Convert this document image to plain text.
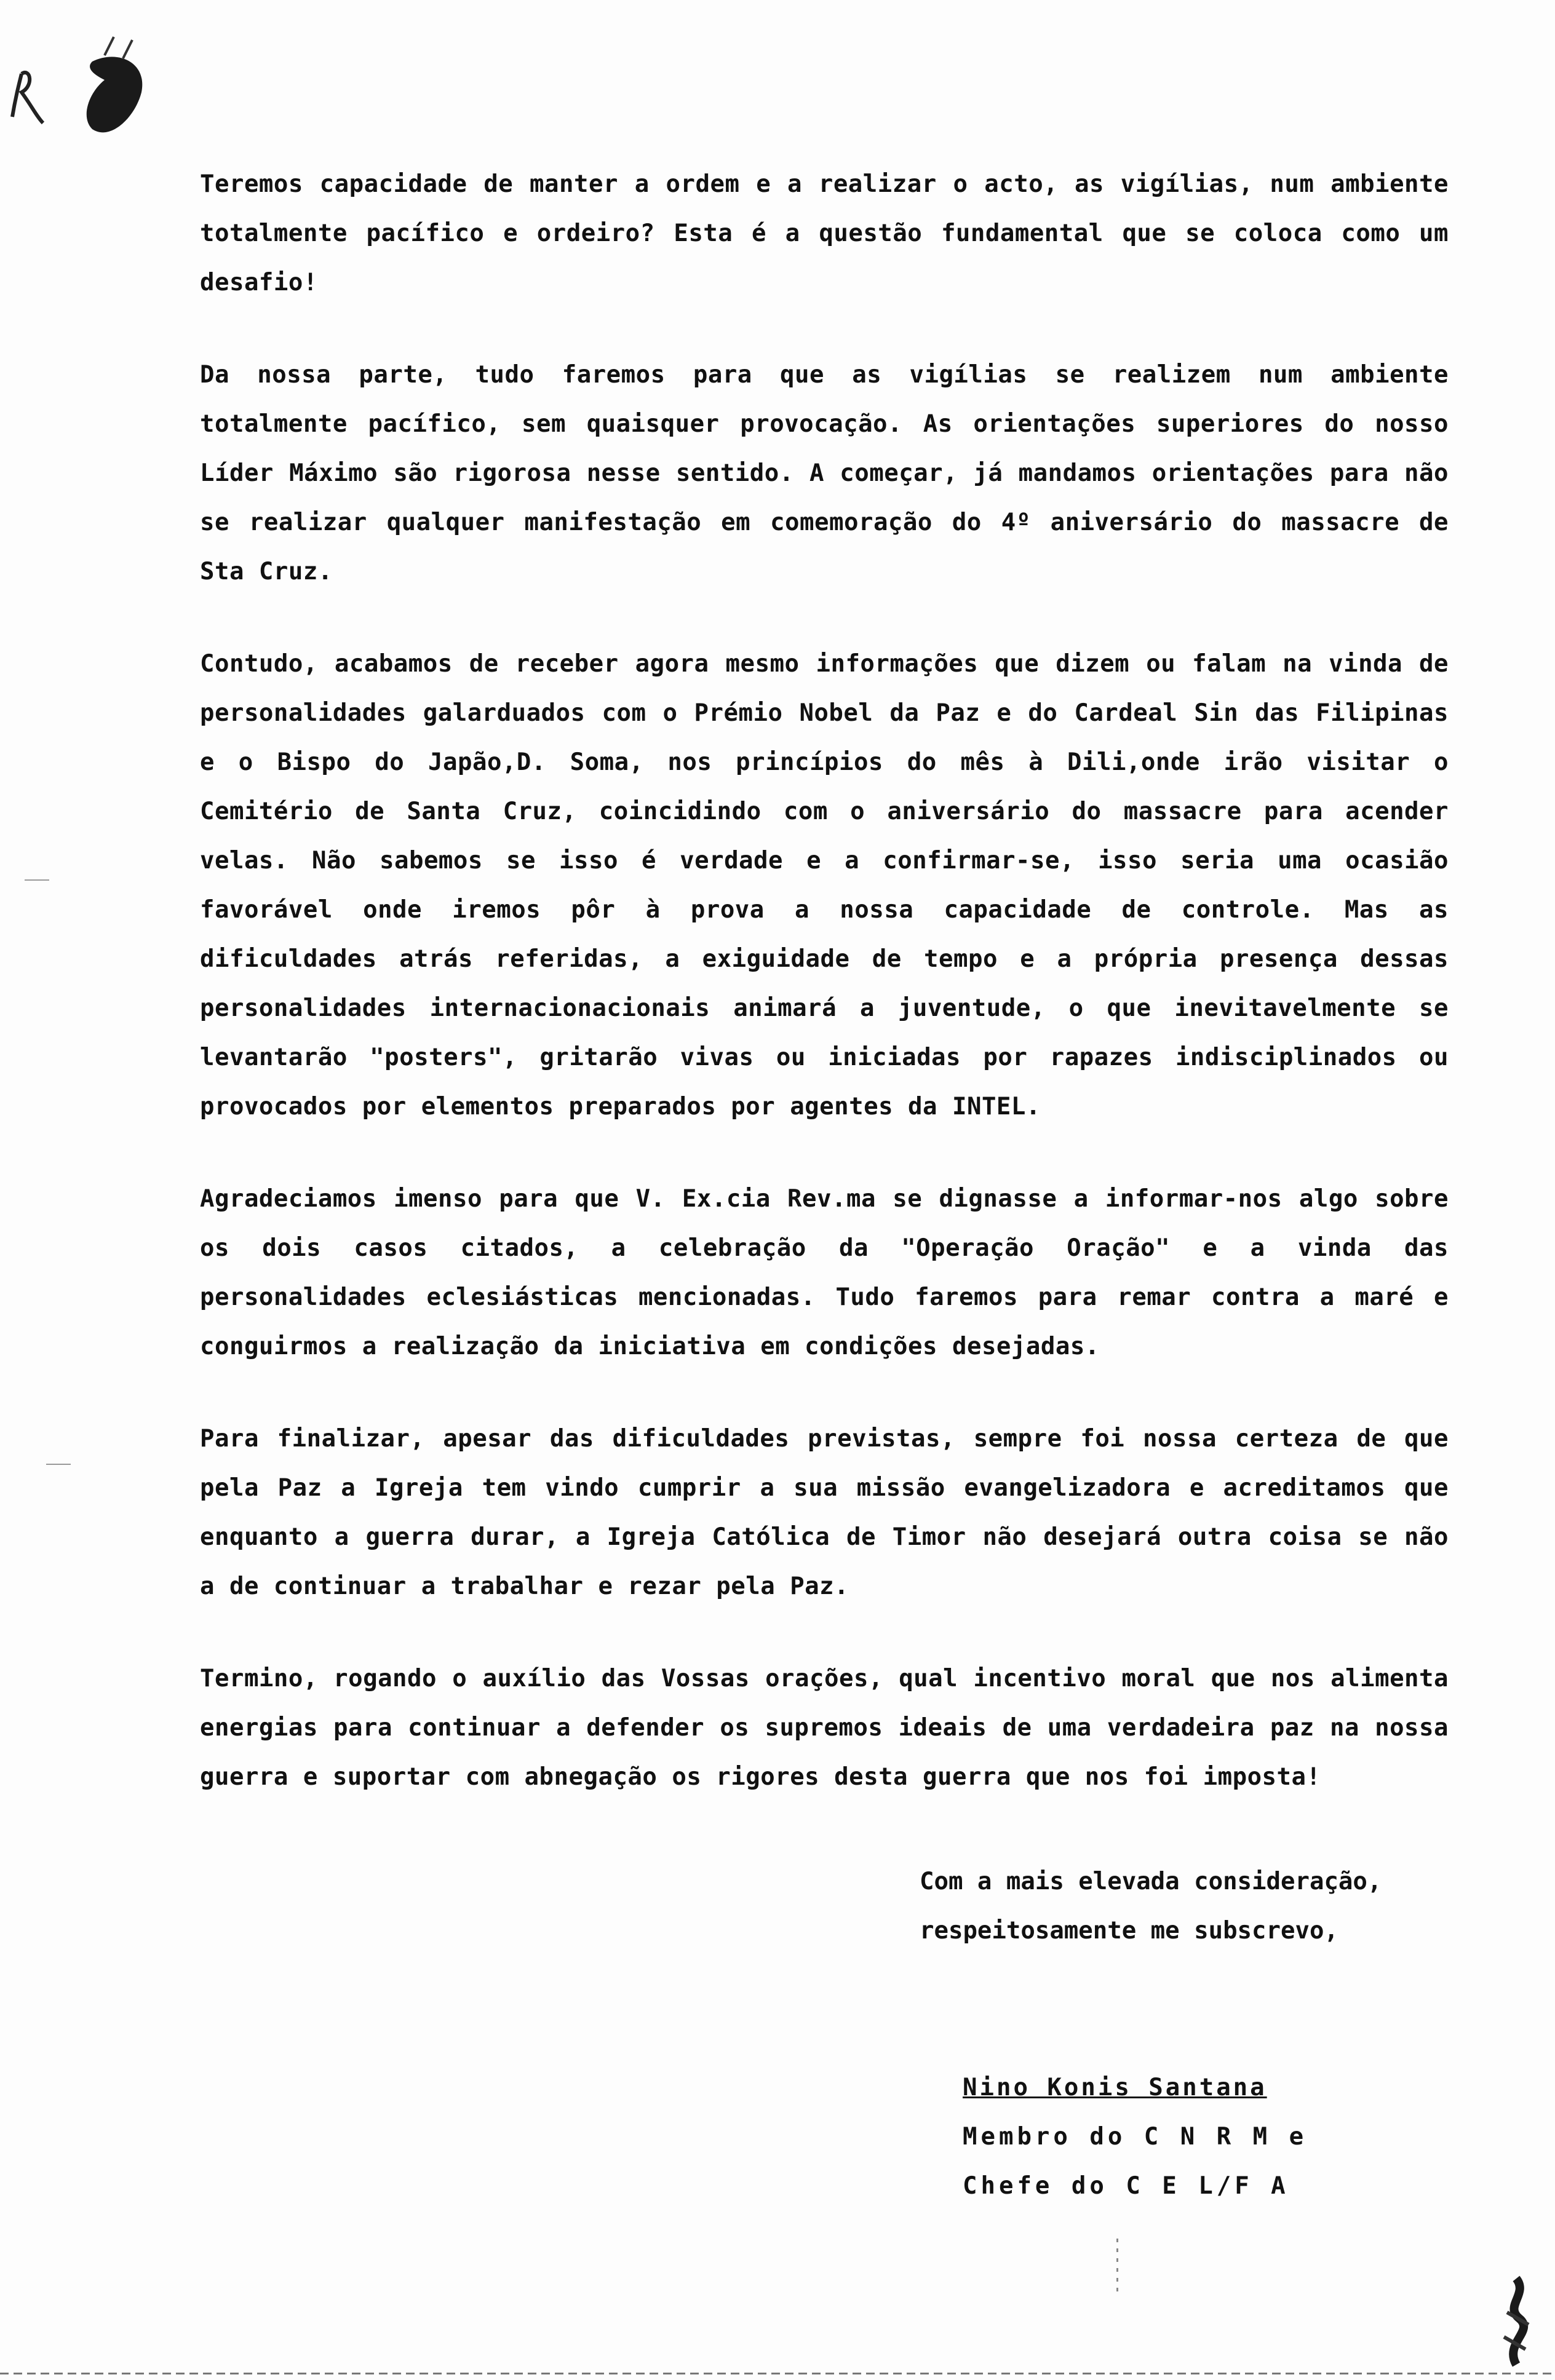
Teremos capacidade de manter a ordem e a realizar o acto, as vigílias, num ambiente totalmente pacífico e ordeiro? Esta é a questão fundamental que se coloca como um desafio!

Da nossa parte, tudo faremos para que as vigílias se realizem num ambiente totalmente pacífico, sem quaisquer provocação. As orientações superiores do nosso Líder Máximo são rigorosa nesse sentido. A começar, já mandamos orientações para não se realizar qualquer manifestação em comemoração do 4º aniversário do massacre de Sta Cruz.

Contudo, acabamos de receber agora mesmo informações que dizem ou falam na vinda de personalidades galarduados com o Prémio Nobel da Paz e do Cardeal Sin das Filipinas e o Bispo do Japão,D. Soma, nos princípios do mês à Dili,onde irão visitar o Cemitério de Santa Cruz, coincidindo com o aniversário do massacre para acender velas. Não sabemos se isso é verdade e a confirmar-se, isso seria uma ocasião favorável onde iremos pôr à prova a nossa capacidade de controle. Mas as dificuldades atrás referidas, a exiguidade de tempo e a própria presença dessas personalidades internacionacionais animará a juventude, o que inevitavelmente se levantarão "posters", gritarão vivas ou iniciadas por rapazes indisciplinados ou provocados por elementos preparados por agentes da INTEL.

Agradeciamos imenso para que V. Ex.cia Rev.ma se dignasse a informar-nos algo sobre os dois casos citados, a celebração da "Operação Oração" e a vinda das personalidades eclesiásticas mencionadas. Tudo faremos para remar contra a maré e conguirmos a realização da iniciativa em condições desejadas.

Para finalizar, apesar das dificuldades previstas, sempre foi nossa certeza de que pela Paz a Igreja tem vindo cumprir a sua missão evangelizadora e acreditamos que enquanto a guerra durar, a Igreja Católica de Timor não desejará outra coisa se não a de continuar a trabalhar e rezar pela Paz.

Termino, rogando o auxílio das Vossas orações, qual incentivo moral que nos alimenta energias para continuar a defender os supremos ideais de uma verdadeira paz na nossa guerra e suportar com abnegação os rigores desta guerra que nos foi imposta!

Com a mais elevada consideração,
respeitosamente me subscrevo,
Nino Konis Santana
Membro do C N R M e
Chefe do C E L/F A
